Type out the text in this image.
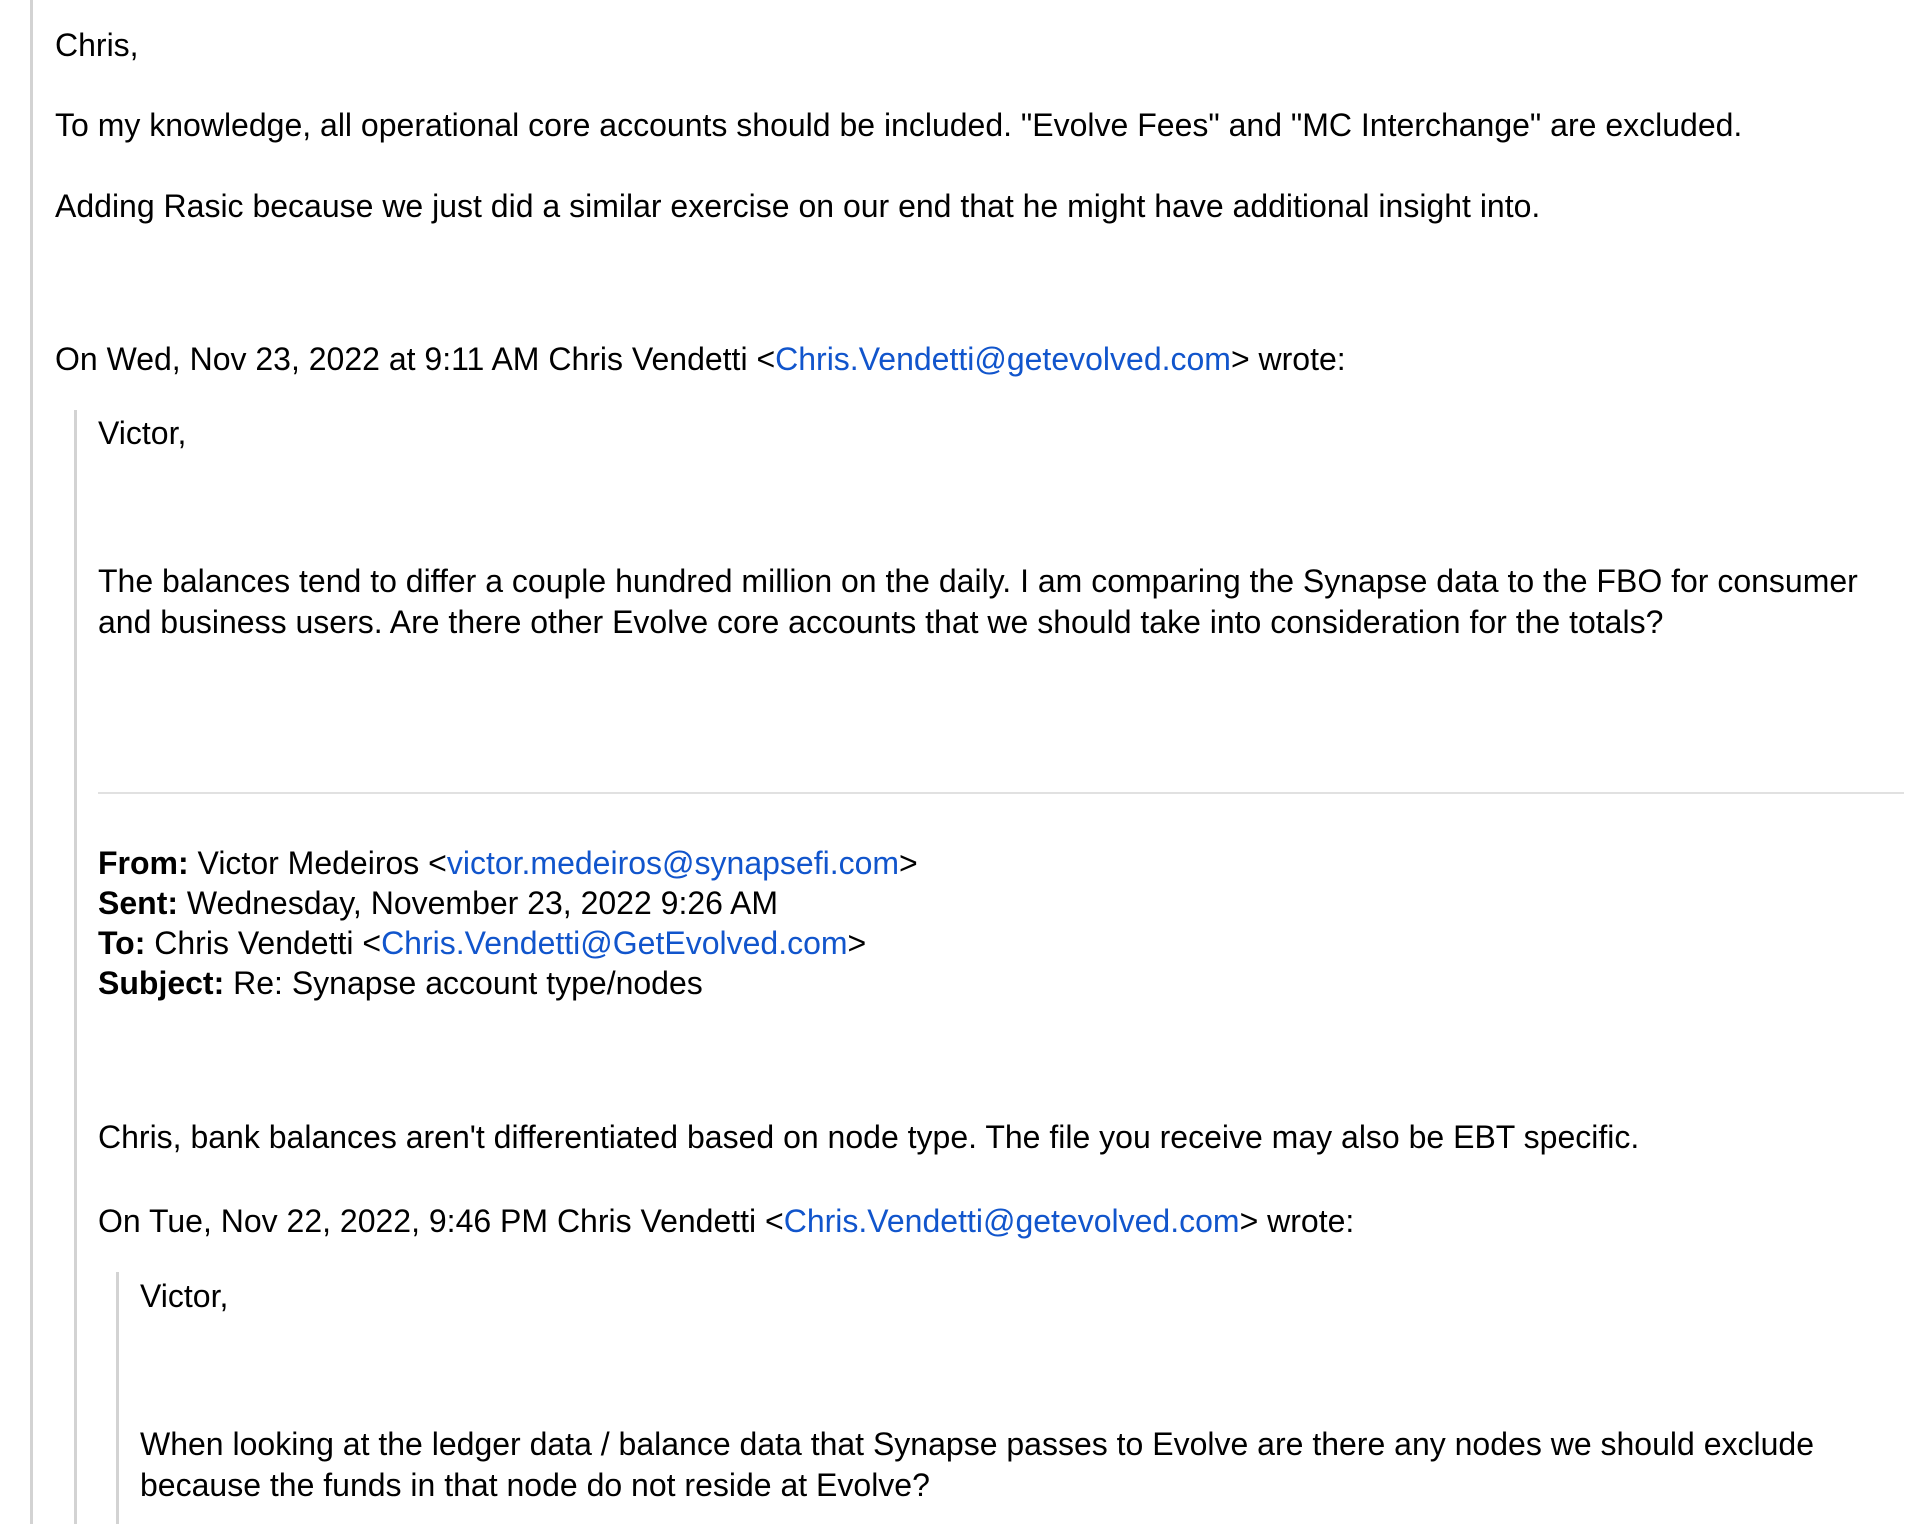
Chris,

To my knowledge, all operational core accounts should be included. "Evolve Fees" and "MC Interchange" are excluded.

Adding Rasic because we just did a similar exercise on our end that he might have additional insight into.

On Wed, Nov 23, 2022 at 9:11 AM Chris Vendetti <Chris.Vendetti@getevolved.com> wrote:

Victor,

The balances tend to differ a couple hundred million on the daily. I am comparing the Synapse data to the FBO for consumer and business users. Are there other Evolve core accounts that we should take into consideration for the totals?

From: Victor Medeiros <victor.medeiros@synapsefi.com>

Sent: Wednesday, November 23, 2022 9:26 AM

To: Chris Vendetti <Chris.Vendetti@GetEvolved.com>

Subject: Re: Synapse account type/nodes

Chris, bank balances aren't differentiated based on node type. The file you receive may also be EBT specific.

On Tue, Nov 22, 2022, 9:46 PM Chris Vendetti <Chris.Vendetti@getevolved.com> wrote:

Victor,

When looking at the ledger data / balance data that Synapse passes to Evolve are there any nodes we should exclude because the funds in that node do not reside at Evolve?
